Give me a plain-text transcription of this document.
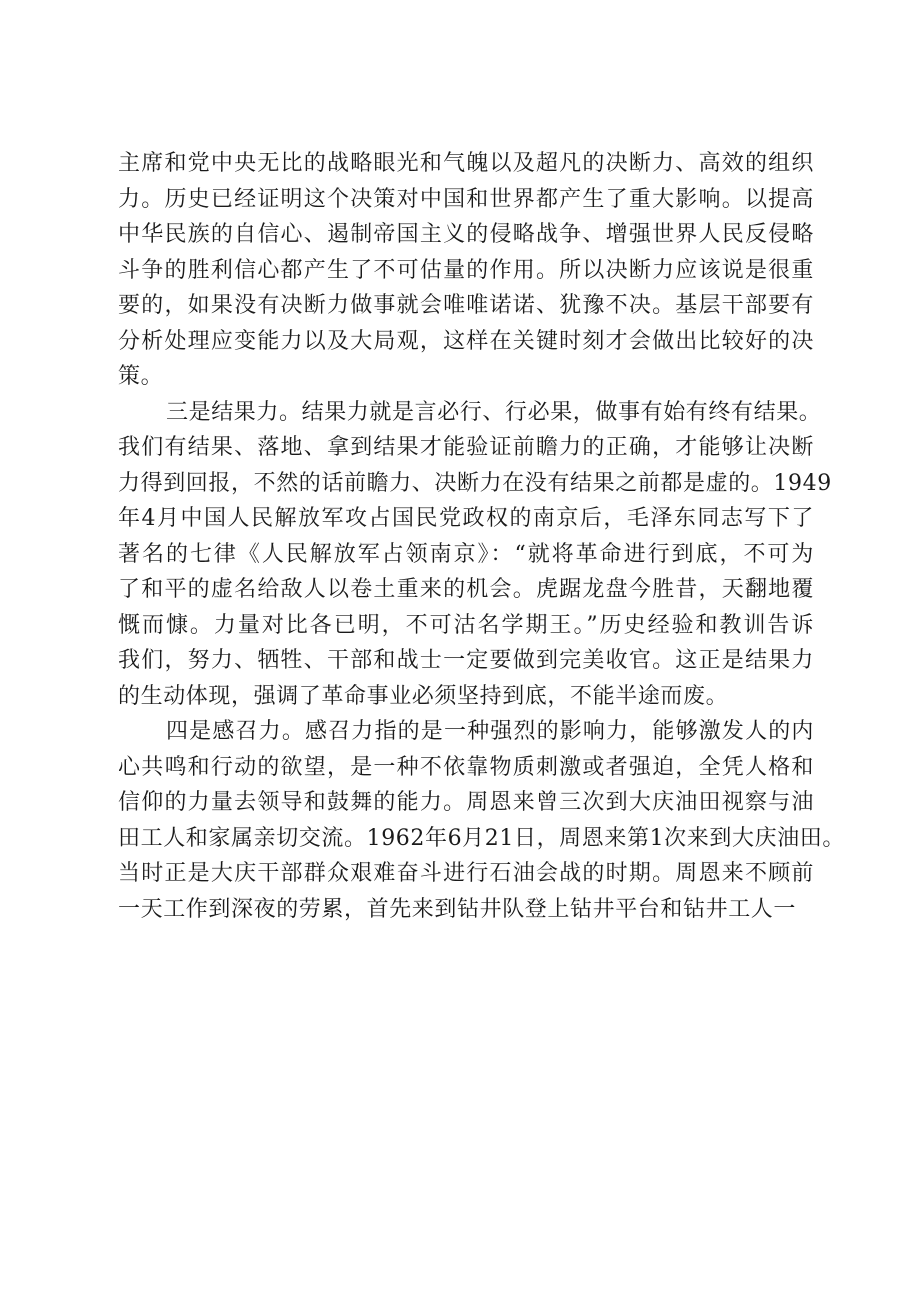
主席和党中央无比的战略眼光和气魄以及超凡的决断力、高效的组织
力。历史已经证明这个决策对中国和世界都产生了重大影响。以提高
中华民族的自信心、遏制帝国主义的侵略战争、增强世界人民反侵略
斗争的胜利信心都产生了不可估量的作用。所以决断力应该说是很重
要的，如果没有决断力做事就会唯唯诺诺、犹豫不决。基层干部要有
分析处理应变能力以及大局观，这样在关键时刻才会做出比较好的决
策。
三是结果力。结果力就是言必行、行必果，做事有始有终有结果。
我们有结果、落地、拿到结果才能验证前瞻力的正确，才能够让决断
力得到回报，不然的话前瞻力、决断力在没有结果之前都是虚的。1949
年4月中国人民解放军攻占国民党政权的南京后，毛泽东同志写下了
著名的七律《人民解放军占领南京》：“就将革命进行到底，不可为
了和平的虚名给敌人以卷土重来的机会。虎踞龙盘今胜昔，天翻地覆
慨而慷。力量对比各已明，不可沽名学期王。”历史经验和教训告诉
我们，努力、牺牲、干部和战士一定要做到完美收官。这正是结果力
的生动体现，强调了革命事业必须坚持到底，不能半途而废。
四是感召力。感召力指的是一种强烈的影响力，能够激发人的内
心共鸣和行动的欲望，是一种不依靠物质刺激或者强迫，全凭人格和
信仰的力量去领导和鼓舞的能力。周恩来曾三次到大庆油田视察与油
田工人和家属亲切交流。1962年6月21日，周恩来第1次来到大庆油田。
当时正是大庆干部群众艰难奋斗进行石油会战的时期。周恩来不顾前
一天工作到深夜的劳累，首先来到钻井队登上钻井平台和钻井工人一
